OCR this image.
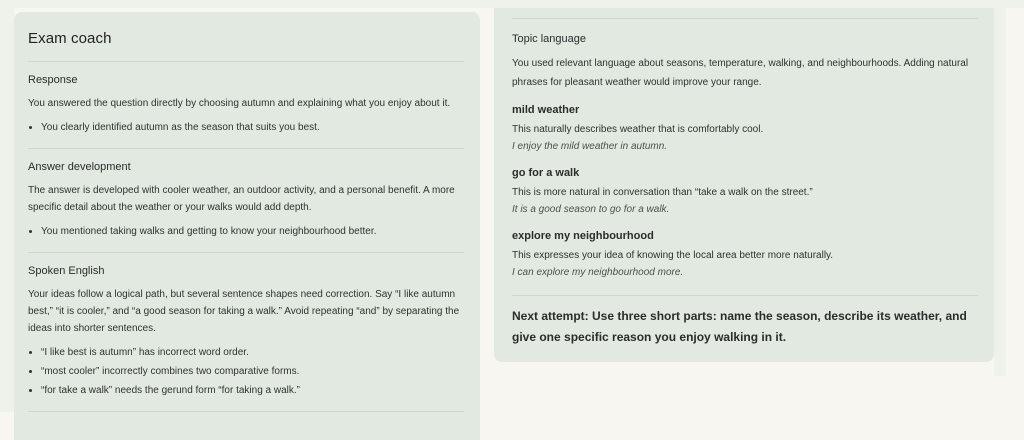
Exam coach
Response

You answered the question directly by choosing autumn and explaining what you enjoy about it.

• You clearly identified autumn as the season that suits you best.
Answer development

The answer is developed with cooler weather, an outdoor activity, and a personal benefit. A more specific detail about the weather or your walks would add depth.

• You mentioned taking walks and getting to know your neighbourhood better.
Spoken English

Your ideas follow a logical path, but several sentence shapes need correction. Say “I like autumn best,” “it is cooler,” and “a good season for taking a walk.” Avoid repeating “and” by separating the ideas into shorter sentences.

• “I like best is autumn” has incorrect word order.
• “most cooler” incorrectly combines two comparative forms.
• “for take a walk” needs the gerund form “for taking a walk.”
Topic language

You used relevant language about seasons, temperature, walking, and neighbourhoods. Adding natural phrases for pleasant weather would improve your range.

mild weather

This naturally describes weather that is comfortably cool.

I enjoy the mild weather in autumn.

go for a walk

This is more natural in conversation than “take a walk on the street.”

It is a good season to go for a walk.

explore my neighbourhood

This expresses your idea of knowing the local area better more naturally.

I can explore my neighbourhood more.

Next attempt: Use three short parts: name the season, describe its weather, and give one specific reason you enjoy walking in it.
